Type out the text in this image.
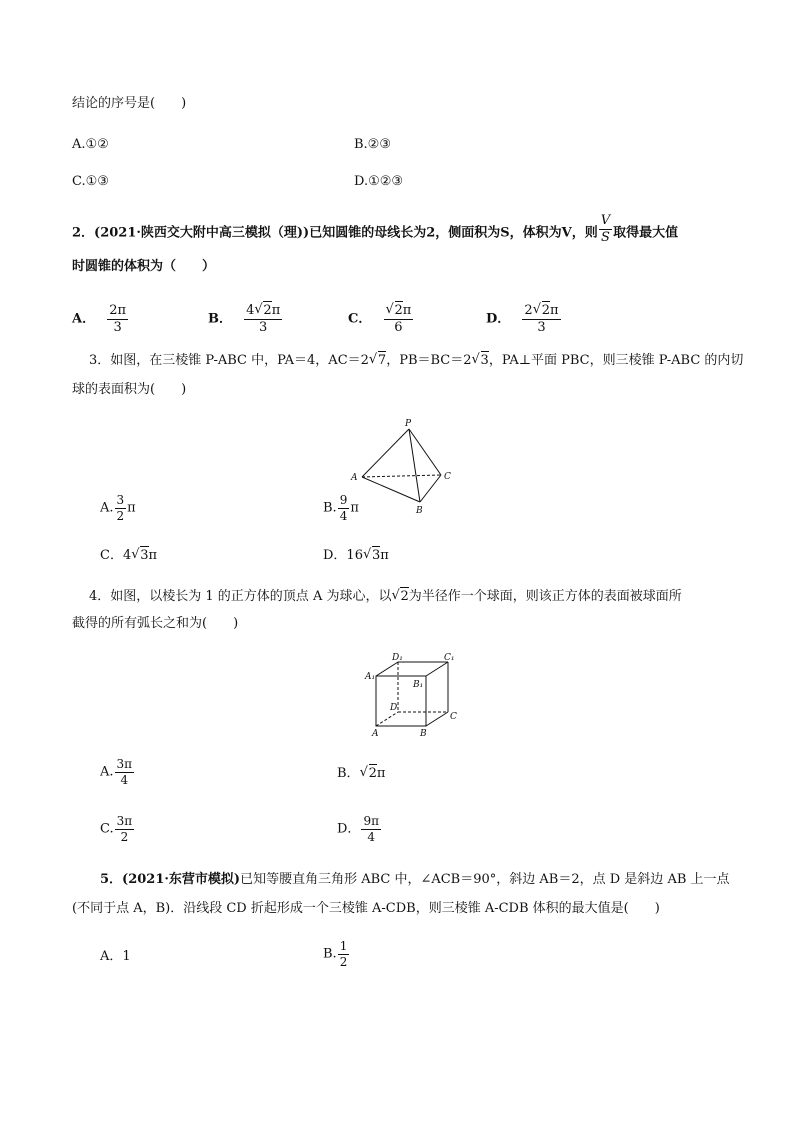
结论的序号是(　　)
A.①②	B.②③
C.①③	D.①②③
2．(2021·陕西交大附中高三模拟（理))已知圆锥的母线长为2，侧面积为S，体积为V，则 $\frac{V}{S}$ 取得最大值
时圆锥的体积为（　　）
A． $\frac{2\pi}{3}$	B． $\frac{4 √ 2\pi}{3}$	C． √ $\frac{2\pi}{6}$	D． $\frac{2 √ 2\pi}{3}$
3．如图，在三棱锥 P-ABC 中，PA＝4，AC＝2 √ 7，PB＝BC＝2 √ 3，PA⊥平面 PBC，则三棱锥 P-ABC 的内切
球的表面积为(　　)
P
A	C
B
A. $\frac{3}{2}$ π	B. $\frac{9}{4}$ π
C．4 √ 3π	D．16 √ 3π
4．如图，以棱长为 1 的正方体的顶点 A 为球心，以 √ 2为半径作一个球面，则该正方体的表面被球面所
截得的所有弧长之和为(　　)
D₁	C₁
A₁
B₁
D
C
A	B
A. $\frac{3\pi}{4}$	B． √ 2π
C. $\frac{3\pi}{2}$	D． $\frac{9\pi}{4}$
5．(2021·东营市模拟)已知等腰直角三角形 ABC 中，∠ACB＝90°，斜边 AB＝2，点 D 是斜边 AB 上一点
(不同于点 A，B)．沿线段 CD 折起形成一个三棱锥 A-CDB，则三棱锥 A-CDB 体积的最大值是(　　)
A．1	B. $\frac{1}{2}$
